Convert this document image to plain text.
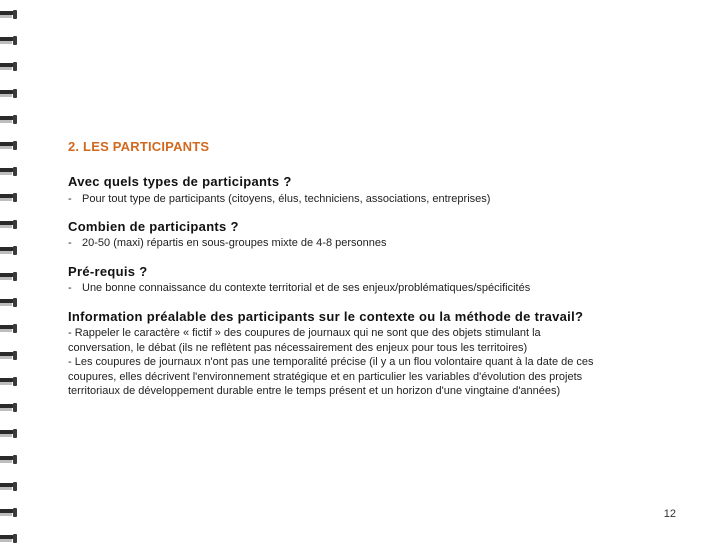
2. LES PARTICIPANTS
Avec quels types de participants ?
- Pour tout type de participants (citoyens, élus, techniciens, associations, entreprises)
Combien de participants ?
- 20-50 (maxi) répartis en sous-groupes mixte de 4-8 personnes
Pré-requis ?
- Une bonne connaissance du contexte territorial et de ses enjeux/problématiques/spécificités
Information préalable des participants sur le contexte ou la méthode de travail?
- Rappeler le caractère « fictif » des coupures de journaux qui ne sont que des objets stimulant la
conversation, le débat (ils ne reflètent pas nécessairement des enjeux pour tous les territoires)
- Les coupures de journaux n'ont pas une temporalité précise (il y a un flou volontaire quant à la date de ces
coupures, elles décrivent l'environnement stratégique et en particulier les variables d'évolution des projets
territoriaux de développement durable entre le temps présent et un horizon d'une vingtaine d'années)
12
